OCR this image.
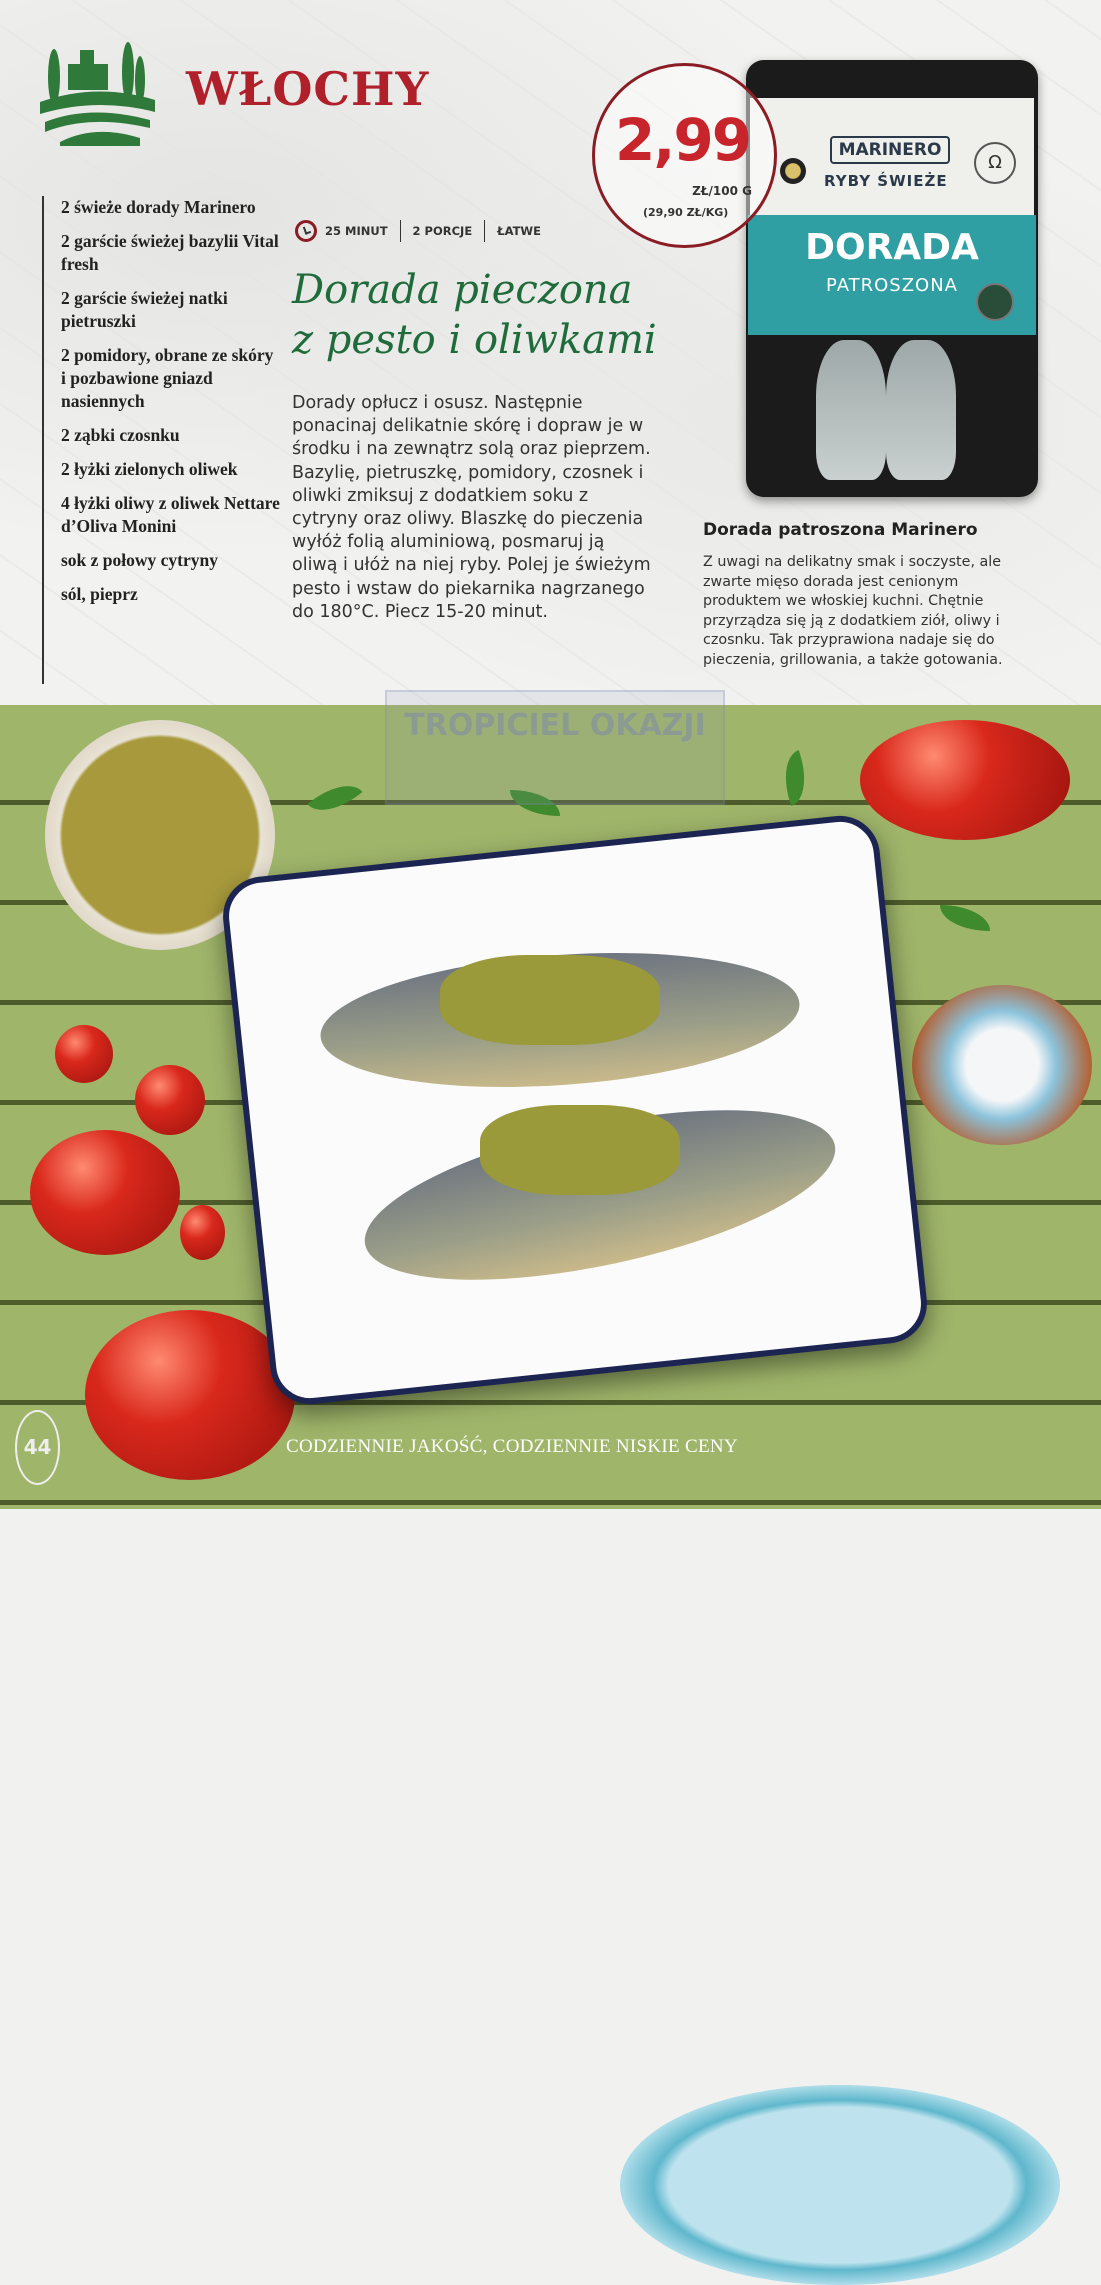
WŁOCHY
2 świeże dorady Marinero
2 garście świeżej bazylii Vital fresh
2 garście świeżej natki pietruszki
2 pomidory, obrane ze skóry i pozbawione gniazd nasiennych
2 ząbki czosnku
2 łyżki zielonych oliwek
4 łyżki oliwy z oliwek Nettare d’Oliva Monini
sok z połowy cytryny
sól, pieprz
25 MINUT 2 PORCJE ŁATWE
Dorada pieczona
z pesto i oliwkami
Dorady opłucz i osusz. Następnie ponacinaj delikatnie skórę i dopraw je w środku i na zewnątrz solą oraz pieprzem. Bazylię, pietruszkę, pomidory, czosnek i oliwki zmiksuj z dodatkiem soku z cytryny oraz oliwy. Blaszkę do pieczenia wyłóż folią aluminiową, posmaruj ją oliwą i ułóż na niej ryby. Polej je świeżym pesto i wstaw do piekarnika nagrzanego do 180°C. Piecz 15-20 minut.
MARINERO
RYBY ŚWIEŻE
Ω
DORADA
PATROSZONA
2,99
ZŁ/100 G
(29,90 ZŁ/KG)
Dorada patroszona Marinero
Z uwagi na delikatny smak i soczyste, ale zwarte mięso dorada jest cenionym produktem we włoskiej kuchni. Chętnie przyrządza się ją z dodatkiem ziół, oliwy i czosnku. Tak przyprawiona nadaje się do pieczenia, grillowania, a także gotowania.
TROPICIEL OKAZJI
44	CODZIENNIE JAKOŚĆ, CODZIENNIE NISKIE CENY
